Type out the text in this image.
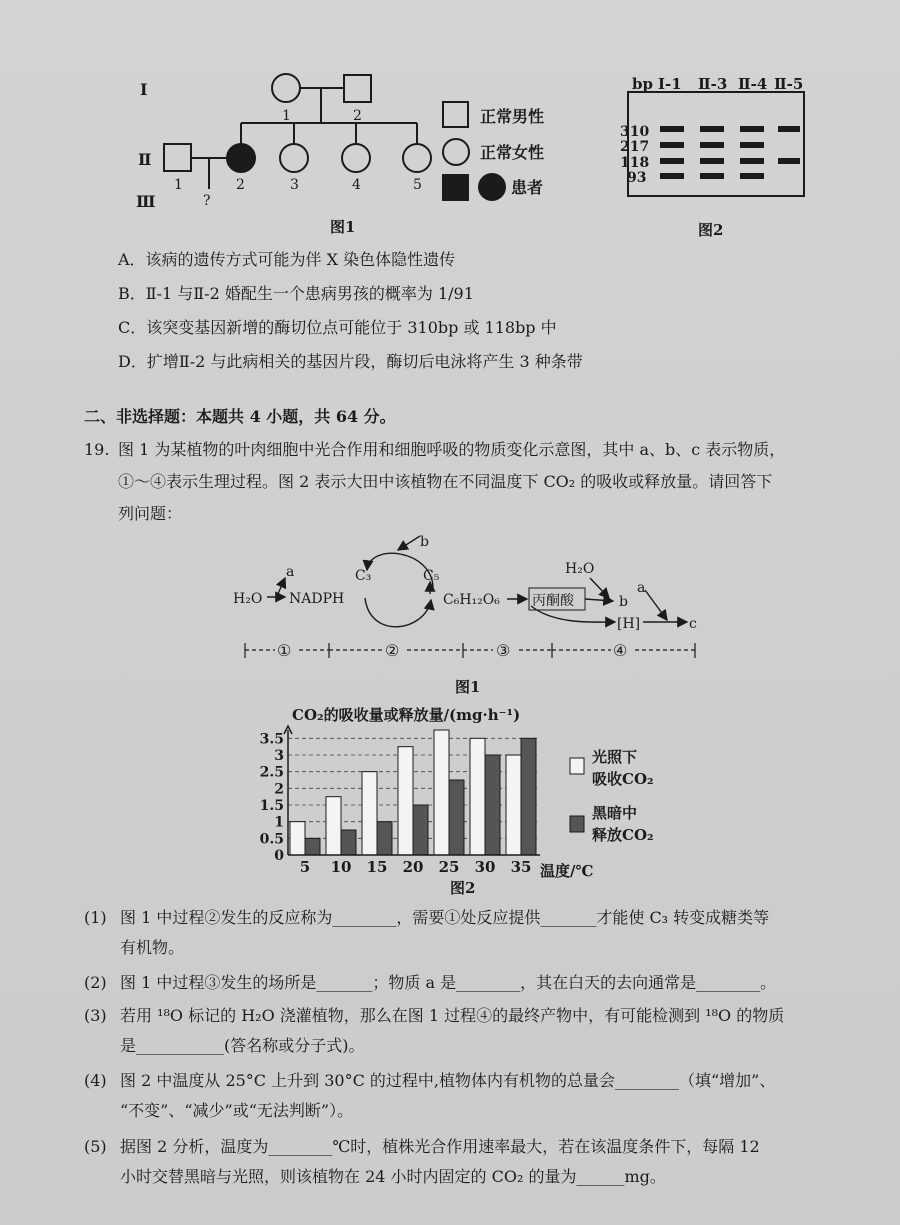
Ⅰ
Ⅱ
Ⅲ
1	2
1	2	3	4	5
?
正常男性
正常女性
患者
图1
bp Ⅰ-1 Ⅱ-3 Ⅱ-4 Ⅱ-5
310
217
118
93
图2
A．该病的遗传方式可能为伴 X 染色体隐性遗传
B．Ⅱ-1 与Ⅱ-2 婚配生一个患病男孩的概率为 1/91
C．该突变基因新增的酶切位点可能位于 310bp 或 118bp 中
D．扩增Ⅱ-2 与此病相关的基因片段，酶切后电泳将产生 3 种条带
二、非选择题：本题共 4 小题，共 64 分。
19. 图 1 为某植物的叶肉细胞中光合作用和细胞呼吸的物质变化示意图，其中 a、b、c 表示物质，
①～④表示生理过程。图 2 表示大田中该植物在不同温度下 CO₂ 的吸收或释放量。请回答下
列问题：
H₂O
a
NADPH
C₃	C₅
b
C₆H₁₂O₆ 丙酮酸
H₂O
b
[H]
a
c
①	②	③	④
图1
CO₂的吸收量或释放量/(mg·h⁻¹)
0
0.5
1
1.5
2
2.5
3
3.5
5 10 15 20 25 30 35 温度/℃
光照下
吸收CO₂
黑暗中
释放CO₂
图2
(1) 图 1 中过程②发生的反应称为________，需要①处反应提供_______才能使 C₃ 转变成糖类等
有机物。
(2) 图 1 中过程③发生的场所是_______；物质 a 是________，其在白天的去向通常是________。
(3) 若用 ¹⁸O 标记的 H₂O 浇灌植物，那么在图 1 过程④的最终产物中，有可能检测到 ¹⁸O 的物质
是___________(答名称或分子式)。
(4) 图 2 中温度从 25°C 上升到 30°C 的过程中,植物体内有机物的总量会________（填“增加”、
“不变”、“减少”或“无法判断”）。
(5) 据图 2 分析，温度为________℃时，植株光合作用速率最大，若在该温度条件下，每隔 12
小时交替黑暗与光照，则该植物在 24 小时内固定的 CO₂ 的量为______mg。
